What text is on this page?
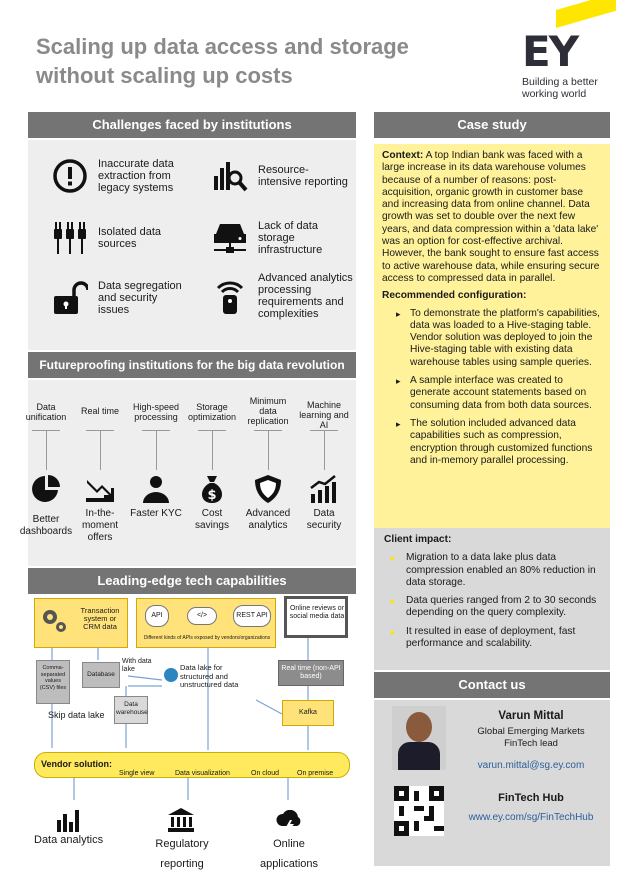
Scaling up data access and storage without scaling up costs	EY
Building a better
working world
Challenges faced by institutions
Inaccurate data extraction from legacy systems
Resource-intensive reporting
Isolated data sources
Lack of data storage infrastructure
Data segregation and security issues
Advanced analytics processing requirements and complexities
Futureproofing institutions for the big data revolution
Data unification
Better dashboards
Real time
In-the-moment offers
High-speed processing
Faster KYC
Storage optimization
$
Cost savings
Minimum data replication
Advanced analytics
Machine learning and AI
Data security
Leading-edge tech capabilities
Transaction system or CRM data
API	</>	REST API
Different kinds of APIs exposed by vendors/organizations
Online reviews or social media data
Comma-separated values (CSV) files
Database
With data lake	Data lake for structured and unstructured data
Real time (non-API based)
Kafka
Skip data lake
Data warehouse
Vendor solution:
Single view	Data visualization	On cloud	On premise
Data analytics	Regulatory reporting
Online applications
Case study

Context: A top Indian bank was faced with a large increase in its data warehouse volumes because of a number of reasons: post-acquisition, organic growth in customer base and increasing data from online channel. Data growth was set to double over the next few years, and data compression within a 'data lake' was an option for cost-effective archival. However, the bank sought to ensure fast access to active warehouse data, while ensuring secure access to compressed data in parallel.

Recommended configuration:

▸ To demonstrate the platform's capabilities, data was loaded to a Hive-staging table. Vendor solution was deployed to join the Hive-staging table with existing data warehouse tables using sample queries.
▸ A sample interface was created to generate account statements based on consuming data from both data sources.
▸ The solution included advanced data capabilities such as compression, encryption through customized functions and in-memory parallel processing.
Client impact:
• Migration to a data lake plus data compression enabled an 80% reduction in data storage.
• Data queries ranged from 2 to 30 seconds depending on the query complexity.
• It resulted in ease of deployment, fast performance and scalability.
Contact us
Varun Mittal
Global Emerging Markets
FinTech lead
varun.mittal@sg.ey.com
FinTech Hub
www.ey.com/sg/FinTechHub
